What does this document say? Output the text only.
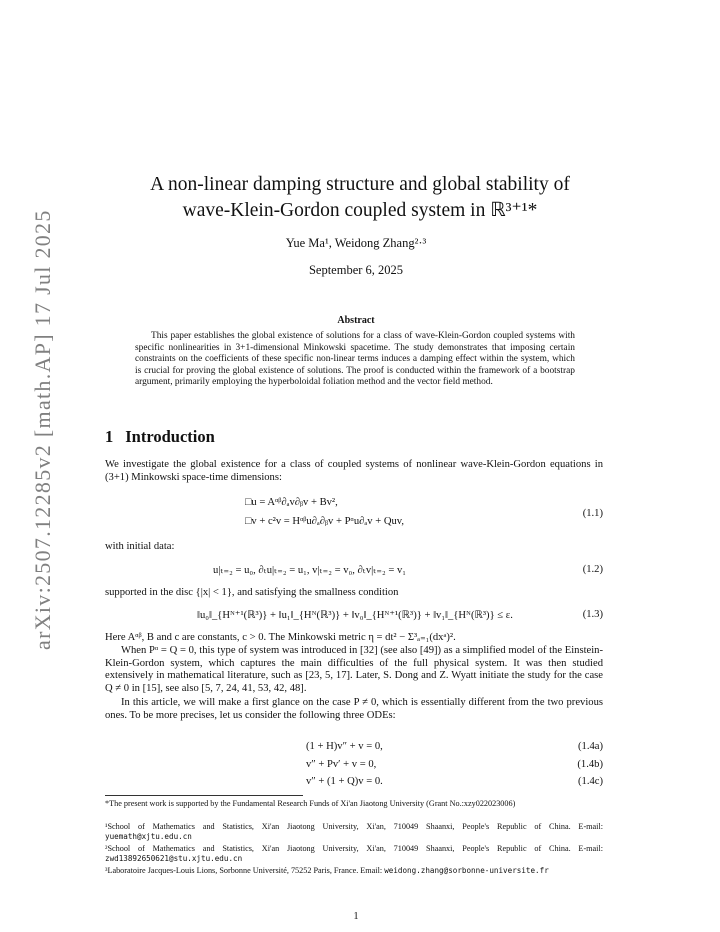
arXiv:2507.12285v2 [math.AP] 17 Jul 2025
A non-linear damping structure and global stability of
wave-Klein-Gordon coupled system in ℝ³⁺¹*
Yue Ma¹, Weidong Zhang²·³
September 6, 2025
Abstract
This paper establishes the global existence of solutions for a class of wave-Klein-Gordon coupled systems with specific nonlinearities in 3+1-dimensional Minkowski spacetime. The study demonstrates that imposing certain constraints on the coefficients of these specific non-linear terms induces a damping effect within the system, which is crucial for proving the global existence of solutions. The proof is conducted within the framework of a bootstrap argument, primarily employing the hyperboloidal foliation method and the vector field method.
1 Introduction
We investigate the global existence for a class of coupled systems of nonlinear wave-Klein-Gordon equations in (3+1) Minkowski space-time dimensions:
□u = Aᵅᵝ∂ₐv∂ᵦv + Bv²,
□v + c²v = Hᵅᵝu∂ₐ∂ᵦv + Pᵅu∂ₐv + Quv,
(1.1)
with initial data:
u|ₜ₌₂ = u₀, ∂ₜu|ₜ₌₂ = u₁, v|ₜ₌₂ = v₀, ∂ₜv|ₜ₌₂ = v₁	(1.2)
supported in the disc {|x| < 1}, and satisfying the smallness condition
‖u₀‖_{Hᴺ⁺¹(ℝ³)} + ‖u₁‖_{Hᴺ(ℝ³)} + ‖v₀‖_{Hᴺ⁺¹(ℝ³)} + ‖v₁‖_{Hᴺ(ℝ³)} ≤ ε.	(1.3)
Here Aᵅᵝ, B and c are constants, c > 0. The Minkowski metric η = dt² − Σ³ₐ₌₁(dxᵃ)².
When Pᵅ = Q = 0, this type of system was introduced in [32] (see also [49]) as a simplified model of the Einstein-Klein-Gordon system, which captures the main difficulties of the full physical system. It was then studied extensively in mathematical literature, such as [23, 5, 17]. Later, S. Dong and Z. Wyatt initiate the study for the case Q ≠ 0 in [15], see also [5, 7, 24, 41, 53, 42, 48].
In this article, we will make a first glance on the case P ≠ 0, which is essentially different from the two previous ones. To be more precises, let us consider the following three ODEs:
(1 + H)v″ + v = 0,	(1.4a)
v″ + Pv′ + v = 0,	(1.4b)
v″ + (1 + Q)v = 0.	(1.4c)
*The present work is supported by the Fundamental Research Funds of Xi'an Jiaotong University (Grant No.:xzy022023006)
¹School of Mathematics and Statistics, Xi'an Jiaotong University, Xi'an, 710049 Shaanxi, People's Republic of China. E-mail: yuemath@xjtu.edu.cn
²School of Mathematics and Statistics, Xi'an Jiaotong University, Xi'an, 710049 Shaanxi, People's Republic of China. E-mail: zwd13892650621@stu.xjtu.edu.cn
³Laboratoire Jacques-Louis Lions, Sorbonne Université, 75252 Paris, France. Email: weidong.zhang@sorbonne-universite.fr
1
